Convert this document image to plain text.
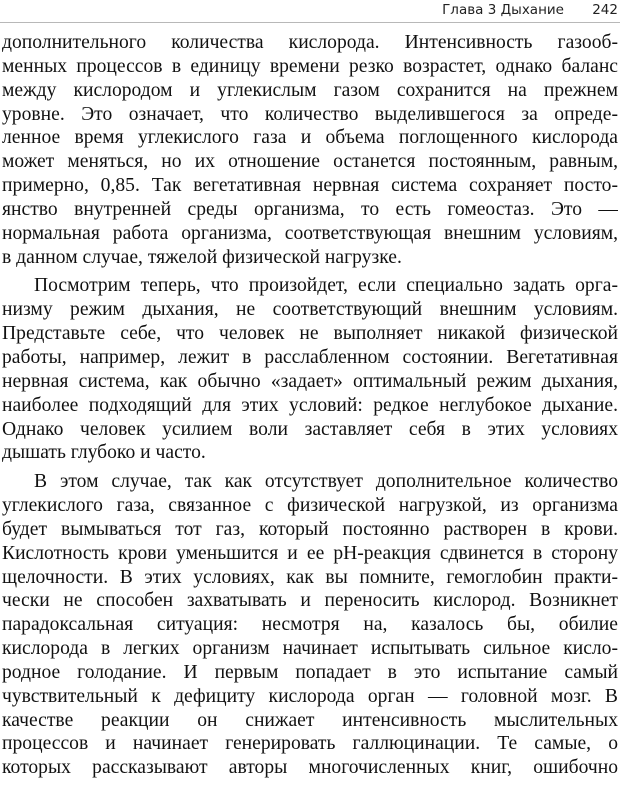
Глава 3 Дыхание 242
дополнительного количества кислорода. Интенсивность газооб-
менных процессов в единицу времени резко возрастет, однако баланс
между кислородом и углекислым газом сохранится на прежнем
уровне. Это означает, что количество выделившегося за опреде-
ленное время углекислого газа и объема поглощенного кислорода
может меняться, но их отношение останется постоянным, равным,
примерно, 0,85. Так вегетативная нервная система сохраняет посто-
янство внутренней среды организма, то есть гомеостаз. Это —
нормальная работа организма, соответствующая внешним условиям,
в данном случае, тяжелой физической нагрузке.
Посмотрим теперь, что произойдет, если специально задать орга-
низму режим дыхания, не соответствующий внешним условиям.
Представьте себе, что человек не выполняет никакой физической
работы, например, лежит в расслабленном состоянии. Вегетативная
нервная система, как обычно «задает» оптимальный режим дыхания,
наиболее подходящий для этих условий: редкое неглубокое дыхание.
Однако человек усилием воли заставляет себя в этих условиях
дышать глубоко и часто.
В этом случае, так как отсутствует дополнительное количество
углекислого газа, связанное с физической нагрузкой, из организма
будет вымываться тот газ, который постоянно растворен в крови.
Кислотность крови уменьшится и ее pH-реакция сдвинется в сторону
щелочности. В этих условиях, как вы помните, гемоглобин практи-
чески не способен захватывать и переносить кислород. Возникнет
парадоксальная ситуация: несмотря на, казалось бы, обилие
кислорода в легких организм начинает испытывать сильное кисло-
родное голодание. И первым попадает в это испытание самый
чувствительный к дефициту кислорода орган — головной мозг. В
качестве реакции он снижает интенсивность мыслительных
процессов и начинает генерировать галлюцинации. Те самые, о
которых рассказывают авторы многочисленных книг, ошибочно
